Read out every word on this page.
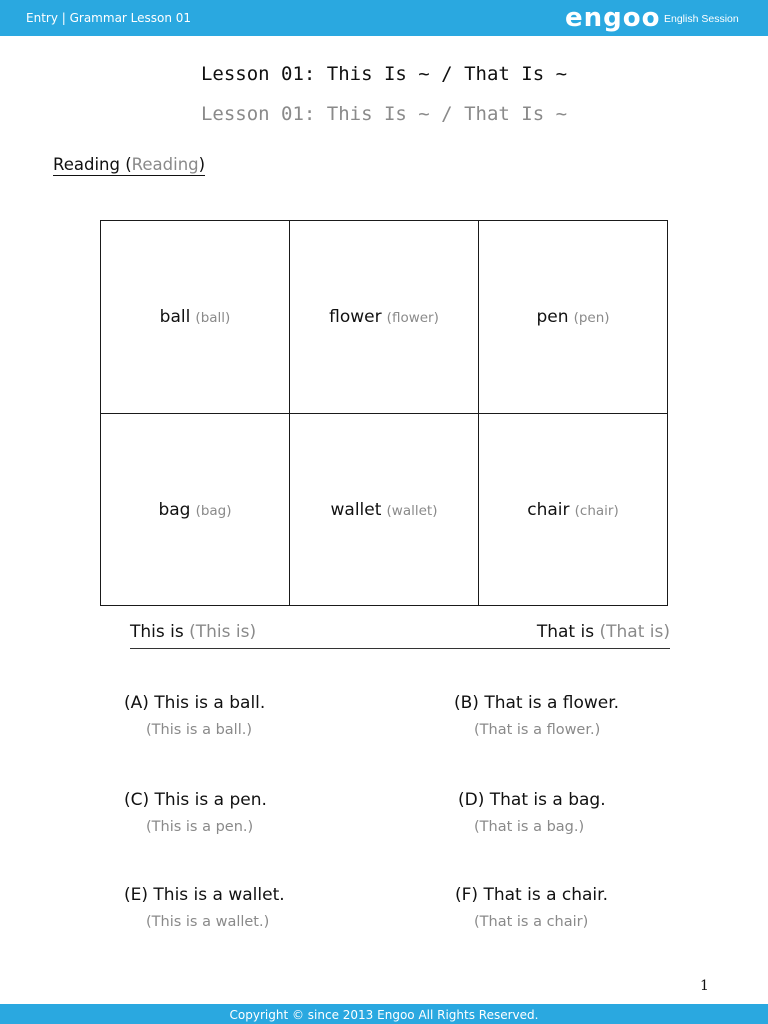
Entry | Grammar Lesson 01	engoo English Session
Lesson 01: This Is ~ / That Is ~
Lesson 01: This Is ~ / That Is ~
Reading (Reading)
ball (ball)	flower (flower)	pen (pen)
bag (bag)	wallet (wallet)	chair (chair)
This is (This is)	That is (That is)
(A) This is a ball.
(This is a ball.)
(B) That is a flower.
(That is a flower.)
(C) This is a pen.
(This is a pen.)
(D) That is a bag.
(That is a bag.)
(E) This is a wallet.
(This is a wallet.)
(F) That is a chair.
(That is a chair)
1
Copyright © since 2013 Engoo All Rights Reserved.
